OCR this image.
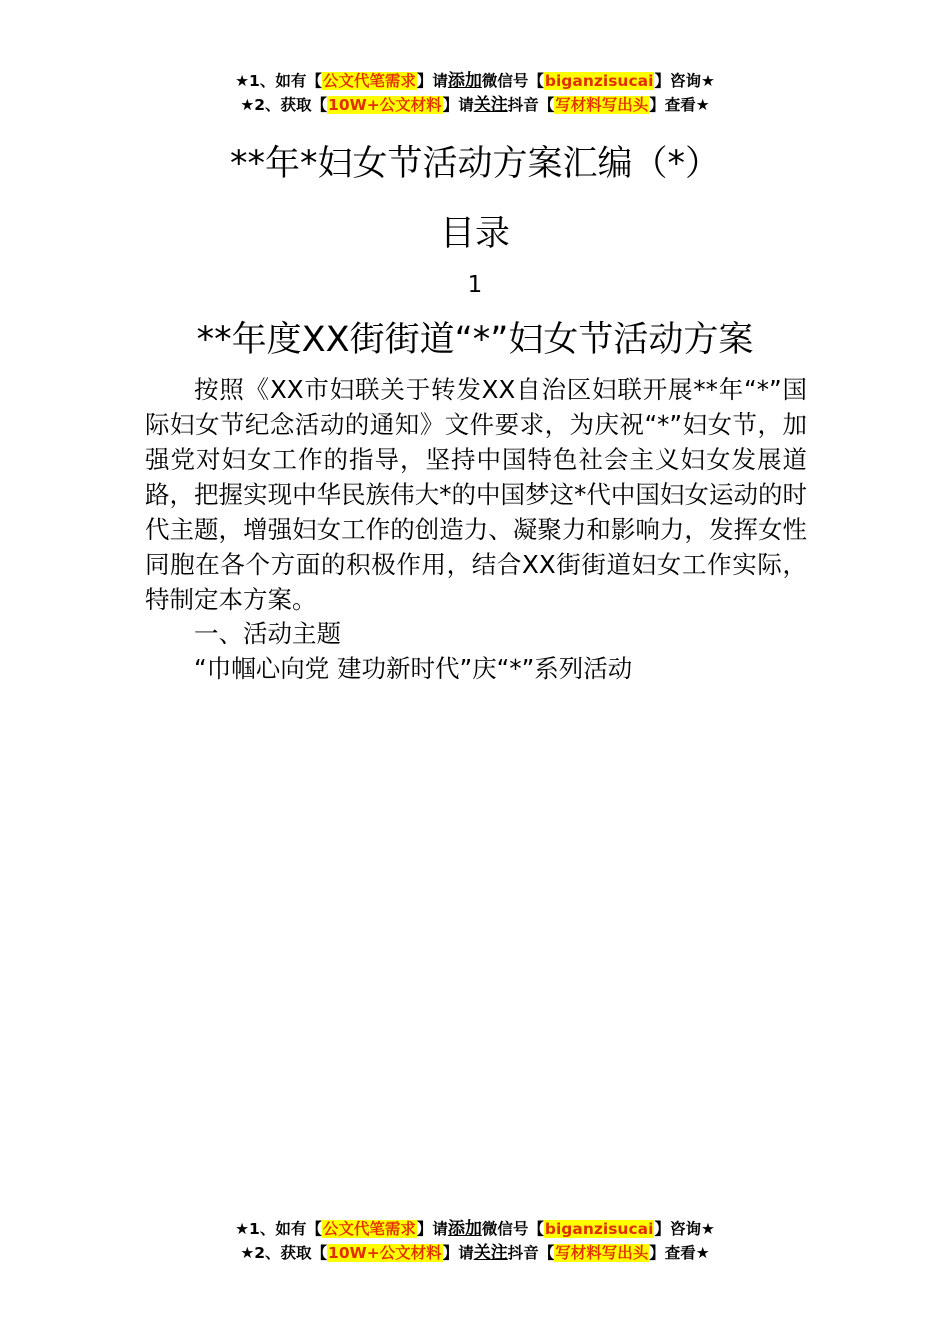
★1、如有【公文代笔需求】请添加微信号【biganzisucai】咨询★
★2、获取【10W+公文材料】请关注抖音【写材料写出头】查看★
**年*妇女节活动方案汇编（*）
目录
1
**年度XX街街道“*”妇女节活动方案

按照《XX市妇联关于转发XX自治区妇联开展**年“*”国际妇女节纪念活动的通知》文件要求，为庆祝“*”妇女节，加强党对妇女工作的指导，坚持中国特色社会主义妇女发展道路，把握实现中华民族伟大*的中国梦这*代中国妇女运动的时代主题，增强妇女工作的创造力、凝聚力和影响力，发挥女性同胞在各个方面的积极作用，结合XX街街道妇女工作实际，特制定本方案。

一、活动主题

“巾帼心向党 建功新时代”庆“*”系列活动

★1、如有【公文代笔需求】请添加微信号【biganzisucai】咨询★
★2、获取【10W+公文材料】请关注抖音【写材料写出头】查看★
